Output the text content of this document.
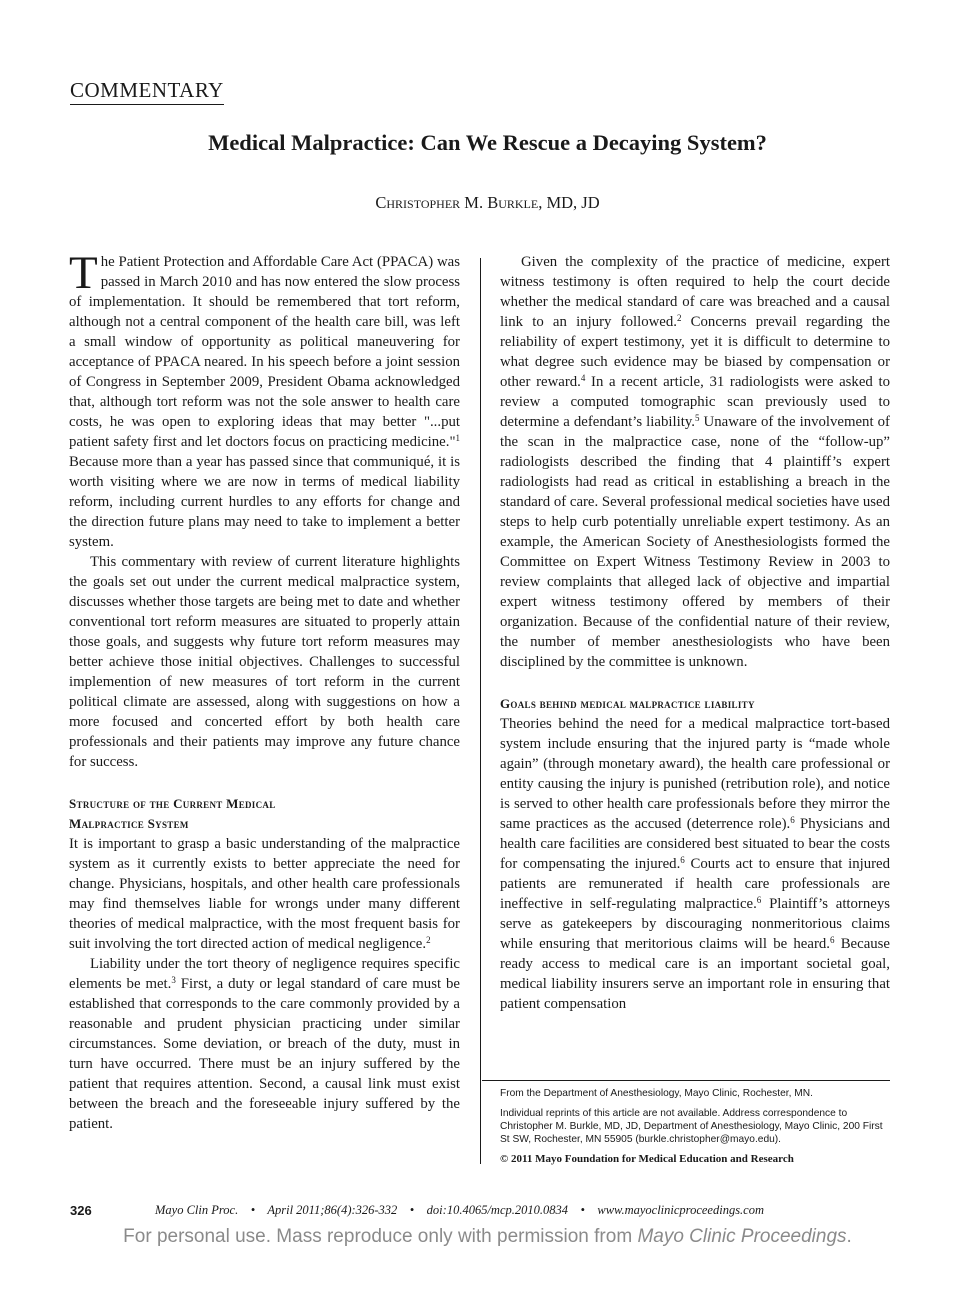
COMMENTARY
Medical Malpractice: Can We Rescue a Decaying System?
Christopher M. Burkle, MD, JD

The Patient Protection and Affordable Care Act (PPACA) was passed in March 2010 and has now entered the slow process of implementation. It should be remembered that tort reform, although not a central component of the health care bill, was left a small window of opportunity as political maneuvering for acceptance of PPACA neared. In his speech before a joint session of Congress in September 2009, President Obama acknowledged that, although tort reform was not the sole answer to health care costs, he was open to exploring ideas that may better "...put patient safety first and let doctors focus on practicing medicine."$^1$ Because more than a year has passed since that communiqué, it is worth visiting where we are now in terms of medical liability reform, including current hurdles to any efforts for change and the direction future plans may need to take to implement a better system.

This commentary with review of current literature highlights the goals set out under the current medical malpractice system, discusses whether those targets are being met to date and whether conventional tort reform measures are situated to properly attain those goals, and suggests why future tort reform measures may better achieve those initial objectives. Challenges to successful implemention of new measures of tort reform in the current political climate are assessed, along with suggestions on how a more focused and concerted effort by both health care professionals and their patients may improve any future chance for success.

Structure of the Current Medical
Malpractice System

It is important to grasp a basic understanding of the malpractice system as it currently exists to better appreciate the need for change. Physicians, hospitals, and other health care professionals may find themselves liable for wrongs under many different theories of medical malpractice, with the most frequent basis for suit involving the tort directed action of medical negligence.$^2$

Liability under the tort theory of negligence requires specific elements be met.$^3$ First, a duty or legal standard of care must be established that corresponds to the care commonly provided by a reasonable and prudent physician practicing under similar circumstances. Some deviation, or breach of the duty, must in turn have occurred. There must be an injury suffered by the patient that requires attention. Second, a causal link must exist between the breach and the foreseeable injury suffered by the patient.

Given the complexity of the practice of medicine, expert witness testimony is often required to help the court decide whether the medical standard of care was breached and a causal link to an injury followed.$^2$ Concerns prevail regarding the reliability of expert testimony, yet it is difficult to determine to what degree such evidence may be biased by compensation or other reward.$^4$ In a recent article, 31 radiologists were asked to review a computed tomographic scan previously used to determine a defendant’s liability.$^5$ Unaware of the involvement of the scan in the malpractice case, none of the “follow-up” radiologists described the finding that 4 plaintiff’s expert radiologists had read as critical in establishing a breach in the standard of care. Several professional medical societies have used steps to help curb potentially unreliable expert testimony. As an example, the American Society of Anesthesiologists formed the Committee on Expert Witness Testimony Review in 2003 to review complaints that alleged lack of objective and impartial expert witness testimony offered by members of their organization. Because of the confidential nature of their review, the number of member anesthesiologists who have been disciplined by the committee is unknown.

Goals behind medical malpractice liability

Theories behind the need for a medical malpractice tort-based system include ensuring that the injured party is “made whole again” (through monetary award), the health care professional or entity causing the injury is punished (retribution role), and notice is served to other health care professionals before they mirror the same practices as the accused (deterrence role).$^6$ Physicians and health care facilities are considered best situated to bear the costs for compensating the injured.$^6$ Courts act to ensure that injured patients are remunerated if health care professionals are ineffective in self-regulating malpractice.$^6$ Plaintiff’s attorneys serve as gatekeepers by discouraging nonmeritorious claims while ensuring that meritorious claims will be heard.$^6$ Because ready access to medical care is an important societal goal, medical liability insurers serve an important role in ensuring that patient compensation

From the Department of Anesthesiology, Mayo Clinic, Rochester, MN.

Individual reprints of this article are not available. Address correspondence to Christopher M. Burkle, MD, JD, Department of Anesthesiology, Mayo Clinic, 200 First St SW, Rochester, MN 55905 (burkle.christopher@mayo.edu).

© 2011 Mayo Foundation for Medical Education and Research

326	Mayo Clin Proc.    •    April 2011;86(4):326-332    •    doi:10.4065/mcp.2010.0834    •    www.mayoclinicproceedings.com
For personal use. Mass reproduce only with permission from Mayo Clinic Proceedings.
